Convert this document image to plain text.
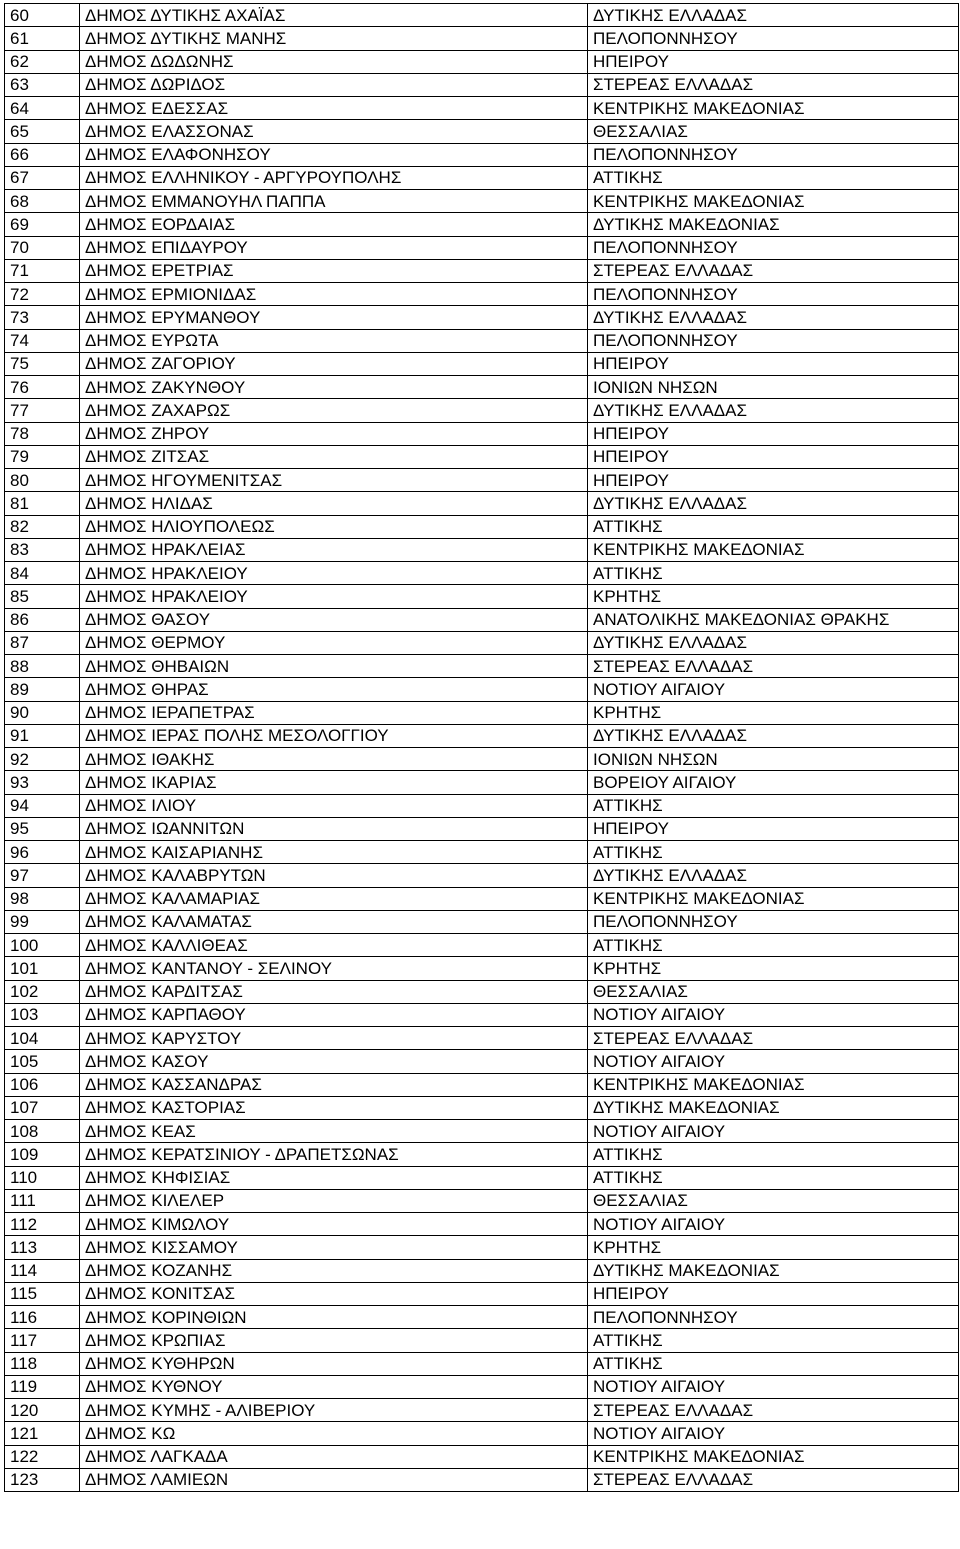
60	ΔΗΜΟΣ ΔΥΤΙΚΗΣ ΑΧΑΪΑΣ	ΔΥΤΙΚΗΣ ΕΛΛΑΔΑΣ
61	ΔΗΜΟΣ ΔΥΤΙΚΗΣ ΜΑΝΗΣ	ΠΕΛΟΠΟΝΝΗΣΟΥ
62	ΔΗΜΟΣ ΔΩΔΩΝΗΣ	ΗΠΕΙΡΟΥ
63	ΔΗΜΟΣ ΔΩΡΙΔΟΣ	ΣΤΕΡΕΑΣ ΕΛΛΑΔΑΣ
64	ΔΗΜΟΣ ΕΔΕΣΣΑΣ	ΚΕΝΤΡΙΚΗΣ ΜΑΚΕΔΟΝΙΑΣ
65	ΔΗΜΟΣ ΕΛΑΣΣΟΝΑΣ	ΘΕΣΣΑΛΙΑΣ
66	ΔΗΜΟΣ ΕΛΑΦΟΝΗΣΟΥ	ΠΕΛΟΠΟΝΝΗΣΟΥ
67	ΔΗΜΟΣ ΕΛΛΗΝΙΚΟΥ - ΑΡΓΥΡΟΥΠΟΛΗΣ	ΑΤΤΙΚΗΣ
68	ΔΗΜΟΣ ΕΜΜΑΝΟΥΗΛ ΠΑΠΠΑ	ΚΕΝΤΡΙΚΗΣ ΜΑΚΕΔΟΝΙΑΣ
69	ΔΗΜΟΣ ΕΟΡΔΑΙΑΣ	ΔΥΤΙΚΗΣ ΜΑΚΕΔΟΝΙΑΣ
70	ΔΗΜΟΣ ΕΠΙΔΑΥΡΟΥ	ΠΕΛΟΠΟΝΝΗΣΟΥ
71	ΔΗΜΟΣ ΕΡΕΤΡΙΑΣ	ΣΤΕΡΕΑΣ ΕΛΛΑΔΑΣ
72	ΔΗΜΟΣ ΕΡΜΙΟΝΙΔΑΣ	ΠΕΛΟΠΟΝΝΗΣΟΥ
73	ΔΗΜΟΣ ΕΡΥΜΑΝΘΟΥ	ΔΥΤΙΚΗΣ ΕΛΛΑΔΑΣ
74	ΔΗΜΟΣ ΕΥΡΩΤΑ	ΠΕΛΟΠΟΝΝΗΣΟΥ
75	ΔΗΜΟΣ ΖΑΓΟΡΙΟΥ	ΗΠΕΙΡΟΥ
76	ΔΗΜΟΣ ΖΑΚΥΝΘΟΥ	ΙΟΝΙΩΝ ΝΗΣΩΝ
77	ΔΗΜΟΣ ΖΑΧΑΡΩΣ	ΔΥΤΙΚΗΣ ΕΛΛΑΔΑΣ
78	ΔΗΜΟΣ ΖΗΡΟΥ	ΗΠΕΙΡΟΥ
79	ΔΗΜΟΣ ΖΙΤΣΑΣ	ΗΠΕΙΡΟΥ
80	ΔΗΜΟΣ ΗΓΟΥΜΕΝΙΤΣΑΣ	ΗΠΕΙΡΟΥ
81	ΔΗΜΟΣ ΗΛΙΔΑΣ	ΔΥΤΙΚΗΣ ΕΛΛΑΔΑΣ
82	ΔΗΜΟΣ ΗΛΙΟΥΠΟΛΕΩΣ	ΑΤΤΙΚΗΣ
83	ΔΗΜΟΣ ΗΡΑΚΛΕΙΑΣ	ΚΕΝΤΡΙΚΗΣ ΜΑΚΕΔΟΝΙΑΣ
84	ΔΗΜΟΣ ΗΡΑΚΛΕΙΟΥ	ΑΤΤΙΚΗΣ
85	ΔΗΜΟΣ ΗΡΑΚΛΕΙΟΥ	ΚΡΗΤΗΣ
86	ΔΗΜΟΣ ΘΑΣΟΥ	ΑΝΑΤΟΛΙΚΗΣ ΜΑΚΕΔΟΝΙΑΣ ΘΡΑΚΗΣ
87	ΔΗΜΟΣ ΘΕΡΜΟΥ	ΔΥΤΙΚΗΣ ΕΛΛΑΔΑΣ
88	ΔΗΜΟΣ ΘΗΒΑΙΩΝ	ΣΤΕΡΕΑΣ ΕΛΛΑΔΑΣ
89	ΔΗΜΟΣ ΘΗΡΑΣ	ΝΟΤΙΟΥ ΑΙΓΑΙΟΥ
90	ΔΗΜΟΣ ΙΕΡΑΠΕΤΡΑΣ	ΚΡΗΤΗΣ
91	ΔΗΜΟΣ ΙΕΡΑΣ ΠΟΛΗΣ ΜΕΣΟΛΟΓΓΙΟΥ	ΔΥΤΙΚΗΣ ΕΛΛΑΔΑΣ
92	ΔΗΜΟΣ ΙΘΑΚΗΣ	ΙΟΝΙΩΝ ΝΗΣΩΝ
93	ΔΗΜΟΣ ΙΚΑΡΙΑΣ	ΒΟΡΕΙΟΥ ΑΙΓΑΙΟΥ
94	ΔΗΜΟΣ ΙΛΙΟΥ	ΑΤΤΙΚΗΣ
95	ΔΗΜΟΣ ΙΩΑΝΝΙΤΩΝ	ΗΠΕΙΡΟΥ
96	ΔΗΜΟΣ ΚΑΙΣΑΡΙΑΝΗΣ	ΑΤΤΙΚΗΣ
97	ΔΗΜΟΣ ΚΑΛΑΒΡΥΤΩΝ	ΔΥΤΙΚΗΣ ΕΛΛΑΔΑΣ
98	ΔΗΜΟΣ ΚΑΛΑΜΑΡΙΑΣ	ΚΕΝΤΡΙΚΗΣ ΜΑΚΕΔΟΝΙΑΣ
99	ΔΗΜΟΣ ΚΑΛΑΜΑΤΑΣ	ΠΕΛΟΠΟΝΝΗΣΟΥ
100	ΔΗΜΟΣ ΚΑΛΛΙΘΕΑΣ	ΑΤΤΙΚΗΣ
101	ΔΗΜΟΣ ΚΑΝΤΑΝΟΥ - ΣΕΛΙΝΟΥ	ΚΡΗΤΗΣ
102	ΔΗΜΟΣ ΚΑΡΔΙΤΣΑΣ	ΘΕΣΣΑΛΙΑΣ
103	ΔΗΜΟΣ ΚΑΡΠΑΘΟΥ	ΝΟΤΙΟΥ ΑΙΓΑΙΟΥ
104	ΔΗΜΟΣ ΚΑΡΥΣΤΟΥ	ΣΤΕΡΕΑΣ ΕΛΛΑΔΑΣ
105	ΔΗΜΟΣ ΚΑΣΟΥ	ΝΟΤΙΟΥ ΑΙΓΑΙΟΥ
106	ΔΗΜΟΣ ΚΑΣΣΑΝΔΡΑΣ	ΚΕΝΤΡΙΚΗΣ ΜΑΚΕΔΟΝΙΑΣ
107	ΔΗΜΟΣ ΚΑΣΤΟΡΙΑΣ	ΔΥΤΙΚΗΣ ΜΑΚΕΔΟΝΙΑΣ
108	ΔΗΜΟΣ ΚΕΑΣ	ΝΟΤΙΟΥ ΑΙΓΑΙΟΥ
109	ΔΗΜΟΣ ΚΕΡΑΤΣΙΝΙΟΥ - ΔΡΑΠΕΤΣΩΝΑΣ	ΑΤΤΙΚΗΣ
110	ΔΗΜΟΣ ΚΗΦΙΣΙΑΣ	ΑΤΤΙΚΗΣ
111	ΔΗΜΟΣ ΚΙΛΕΛΕΡ	ΘΕΣΣΑΛΙΑΣ
112	ΔΗΜΟΣ ΚΙΜΩΛΟΥ	ΝΟΤΙΟΥ ΑΙΓΑΙΟΥ
113	ΔΗΜΟΣ ΚΙΣΣΑΜΟΥ	ΚΡΗΤΗΣ
114	ΔΗΜΟΣ ΚΟΖΑΝΗΣ	ΔΥΤΙΚΗΣ ΜΑΚΕΔΟΝΙΑΣ
115	ΔΗΜΟΣ ΚΟΝΙΤΣΑΣ	ΗΠΕΙΡΟΥ
116	ΔΗΜΟΣ ΚΟΡΙΝΘΙΩΝ	ΠΕΛΟΠΟΝΝΗΣΟΥ
117	ΔΗΜΟΣ ΚΡΩΠΙΑΣ	ΑΤΤΙΚΗΣ
118	ΔΗΜΟΣ ΚΥΘΗΡΩΝ	ΑΤΤΙΚΗΣ
119	ΔΗΜΟΣ ΚΥΘΝΟΥ	ΝΟΤΙΟΥ ΑΙΓΑΙΟΥ
120	ΔΗΜΟΣ ΚΥΜΗΣ - ΑΛΙΒΕΡΙΟΥ	ΣΤΕΡΕΑΣ ΕΛΛΑΔΑΣ
121	ΔΗΜΟΣ ΚΩ	ΝΟΤΙΟΥ ΑΙΓΑΙΟΥ
122	ΔΗΜΟΣ ΛΑΓΚΑΔΑ	ΚΕΝΤΡΙΚΗΣ ΜΑΚΕΔΟΝΙΑΣ
123	ΔΗΜΟΣ ΛΑΜΙΕΩΝ	ΣΤΕΡΕΑΣ ΕΛΛΑΔΑΣ
